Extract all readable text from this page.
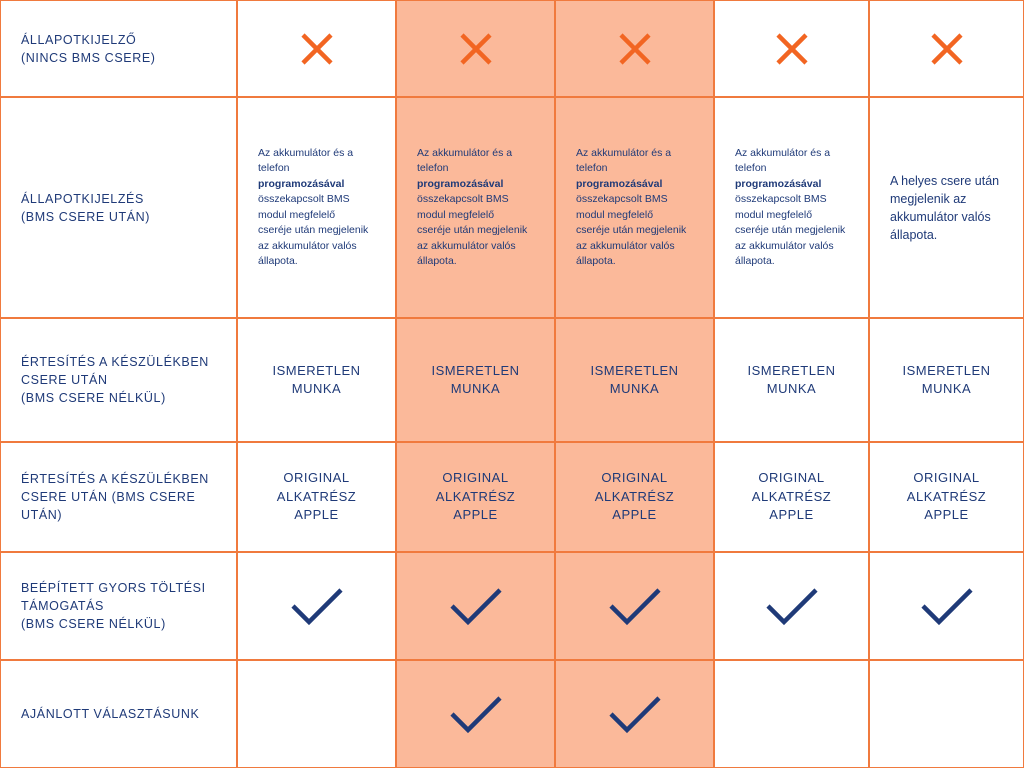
ÁLLAPOTKIJELZŐ
(NINCS BMS CSERE)
ÁLLAPOTKIJELZÉS
(BMS CSERE UTÁN)
ÉRTESÍTÉS A KÉSZÜLÉKBEN
CSERE UTÁN
(BMS CSERE NÉLKÜL)
ÉRTESÍTÉS A KÉSZÜLÉKBEN
CSERE UTÁN (BMS CSERE
UTÁN)
BEÉPÍTETT GYORS TÖLTÉSI
TÁMOGATÁS
(BMS CSERE NÉLKÜL)
AJÁNLOTT VÁLASZTÁSUNK
Az akkumulátor és a telefon programozásával összekapcsolt BMS modul megfelelő cseréje után megjelenik az akkumulátor valós állapota.
ISMERETLEN
MUNKA
ORIGINAL
ALKATRÉSZ
APPLE
Az akkumulátor és a telefon programozásával összekapcsolt BMS modul megfelelő cseréje után megjelenik az akkumulátor valós állapota.
ISMERETLEN
MUNKA
ORIGINAL
ALKATRÉSZ
APPLE
Az akkumulátor és a telefon programozásával összekapcsolt BMS modul megfelelő cseréje után megjelenik az akkumulátor valós állapota.
ISMERETLEN
MUNKA
ORIGINAL
ALKATRÉSZ
APPLE
Az akkumulátor és a telefon programozásával összekapcsolt BMS modul megfelelő cseréje után megjelenik az akkumulátor valós állapota.
ISMERETLEN
MUNKA
ORIGINAL
ALKATRÉSZ
APPLE
A helyes csere után megjelenik az akkumulátor valós állapota.
ISMERETLEN
MUNKA
ORIGINAL
ALKATRÉSZ
APPLE
